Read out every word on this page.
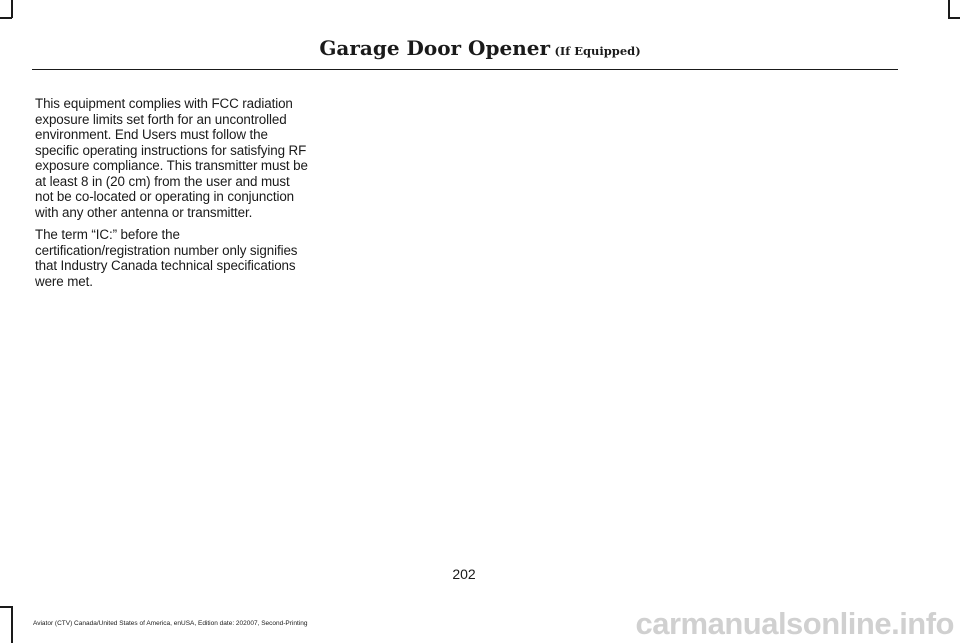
Garage Door Opener (If Equipped)

This equipment complies with FCC radiation exposure limits set forth for an uncontrolled environment. End Users must follow the specific operating instructions for satisfying RF exposure compliance. This transmitter must be at least 8 in (20 cm) from the user and must not be co-located or operating in conjunction with any other antenna or transmitter.

The term “IC:” before the certification/registration number only signifies that Industry Canada technical specifications were met.

202
Aviator (CTV) Canada/United States of America, enUSA, Edition date: 202007, Second-Printing	carmanualsonline.info
